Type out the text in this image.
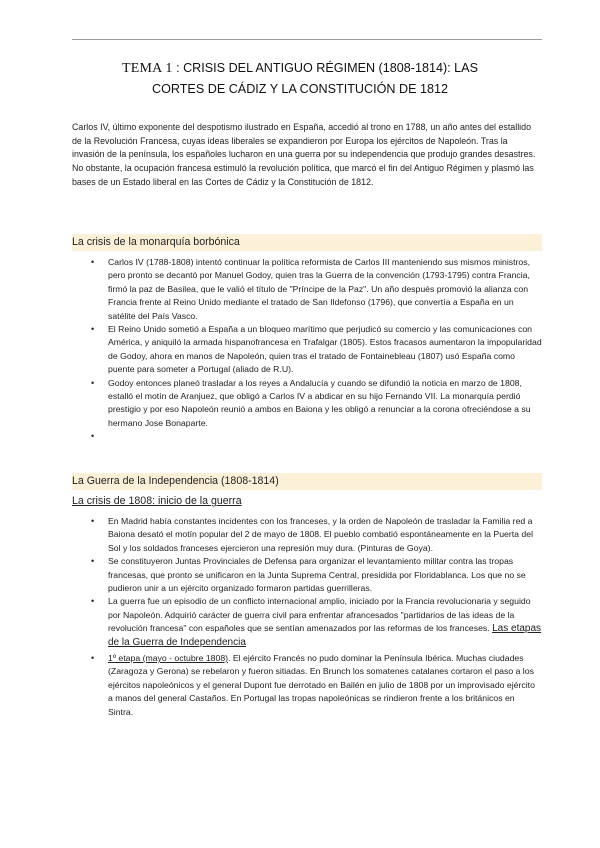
TEMA 1 : CRISIS DEL ANTIGUO RÉGIMEN (1808-1814): LAS
CORTES DE CÁDIZ Y LA CONSTITUCIÓN DE 1812

Carlos IV, último exponente del despotismo ilustrado en España, accedió al trono en 1788, un año antes del estallido de la Revolución Francesa, cuyas ideas liberales se expandieron por Europa los ejércitos de Napoleón. Tras la invasión de la península, los españoles lucharon en una guerra por su independencia que produjo grandes desastres. No obstante, la ocupación francesa estimuló la revolución política, que marcó el fin del Antiguo Régimen y plasmó las bases de un Estado liberal en las Cortes de Cádiz y la Constitución de 1812.

La crisis de la monarquía borbónica
• Carlos IV (1788-1808) intentó continuar la política reformista de Carlos III manteniendo sus mismos ministros, pero pronto se decantó por Manuel Godoy, quien tras la Guerra de la convención (1793-1795) contra Francia, firmó la paz de Basilea, que le valió el título de "Príncipe de la Paz". Un año después promovió la alianza con Francia frente al Reino Unido mediante el tratado de San Ildefonso (1796), que convertía a España en un satélite del País Vasco.
• El Reino Unido sometió a España a un bloqueo marítimo que perjudicó su comercio y las comunicaciones con América, y aniquiló la armada hispanofrancesa en Trafalgar (1805). Estos fracasos aumentaron la impopularidad de Godoy, ahora en manos de Napoleón, quien tras el tratado de Fontainebleau (1807) usó España como puente para someter a Portugal (aliado de R.U).
• Godoy entonces planeó trasladar a los reyes a Andalucía y cuando se difundió la noticia en marzo de 1808, estalló el motín de Aranjuez, que obligó a Carlos IV a abdicar en su hijo Fernando VII. La monarquía perdió prestigio y por eso Napoleón reunió a ambos en Baiona y les obligó a renunciar a la corona ofreciéndose a su hermano Jose Bonaparte.
•
La Guerra de la Independencia (1808-1814)
La crisis de 1808: inicio de la guerra
• En Madrid había constantes incidentes con los franceses, y la orden de Napoleón de trasladar la Familia red a Baiona desató el motín popular del 2 de mayo de 1808. El pueblo combatió espontáneamente en la Puerta del Sol y los soldados franceses ejercieron una represión muy dura. (Pinturas de Goya).
• Se constituyeron Juntas Provinciales de Defensa para organizar el levantamiento militar contra las tropas francesas, que pronto se unificaron en la Junta Suprema Central, presidida por Floridablanca. Los que no se pudieron unir a un ejército organizado formaron partidas guerrilleras.
• La guerra fue un episodio de un conflicto internacional amplio, iniciado por la Francia revolucionaria y seguido por Napoleón. Adquirió carácter de guerra civil para enfrentar afrancesados "partidarios de las ideas de la revolución francesa" con españoles que se sentían amenazados por las reformas de los franceses. Las etapas de la Guerra de Independencia
• 1º etapa (mayo - octubre 1808). El ejército Francés no pudo dominar la Península Ibérica. Muchas ciudades (Zaragoza y Gerona) se rebelaron y fueron sitiadas. En Brunch los somatenes catalanes cortaron el paso a los ejércitos napoleónicos y el general Dupont fue derrotado en Bailén en julio de 1808 por un improvisado ejército a manos del general Castaños. En Portugal las tropas napoleónicas se rindieron frente a los británicos en Sintra.
